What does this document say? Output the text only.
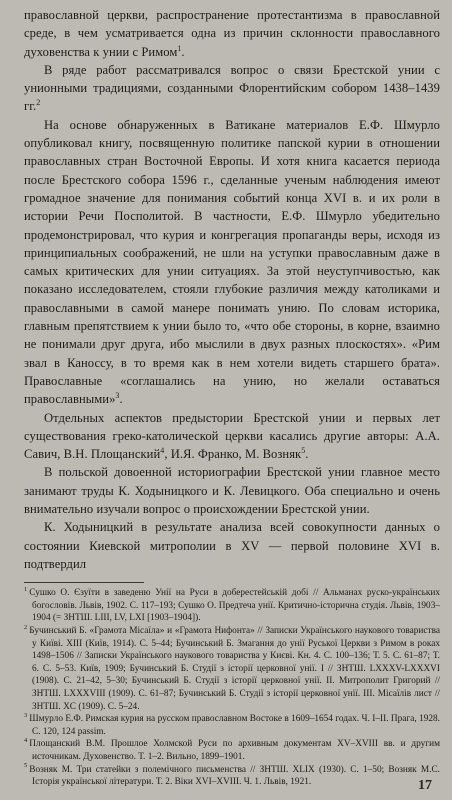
православной церкви, распространение протестантизма в православной среде, в чем усматривается одна из причин склонности православного духовенства к унии с Римом$^1$.

В ряде работ рассматривался вопрос о связи Брестской унии с унионными традициями, созданными Флорентийским собором 1438–1439 гг.$^2$

На основе обнаруженных в Ватикане материалов Е.Ф. Шмурло опубликовал книгу, посвященную политике папской курии в отношении православных стран Восточной Европы. И хотя книга касается периода после Брестского собора 1596 г., сделанные ученым наблюдения имеют громадное значение для понимания событий конца XVI в. и их роли в истории Речи Посполитой. В частности, Е.Ф. Шмурло убедительно продемонстрировал, что курия и конгрегация пропаганды веры, исходя из принципиальных соображений, не шли на уступки православным даже в самых критических для унии ситуациях. За этой неуступчивостью, как показано исследователем, стояли глубокие различия между католиками и православными в самой манере понимать унию. По словам историка, главным препятствием к унии было то, «что обе стороны, в корне, взаимно не понимали друг друга, ибо мыслили в двух разных плоскостях». «Рим звал в Каноссу, в то время как в нем хотели видеть старшего брата». Православные «соглашались на унию, но желали оставаться православными»$^3$.

Отдельных аспектов предыстории Брестской унии и первых лет существования греко-католической церкви касались другие авторы: А.А. Савич, В.Н. Площанский$^4$, И.Я. Франко, М. Возняк$^5$.

В польской довоенной историографии Брестской унии главное место занимают труды К. Ходыницкого и К. Левицкого. Оба специально и очень внимательно изучали вопрос о происхождении Брестской унии.

К. Ходыницкий в результате анализа всей совокупности данных о состоянии Киевской митрополии в XV — первой половине XVI в. подтвердил

$^1$ Сушко О. Єзуїти в заведеню Унії на Руси в доберестейській добі // Альманах руско-українських богословів. Львів, 1902. С. 117–193; Сушко О. Предтеча унії. Критично-історична студія. Львів, 1903–1904 (= ЗНТШ. LIII, LV, LXI [1903–1904]).

$^2$ Бучинський Б. «Грамота Місаїла» и «Грамота Нифонта» // Записки Українського наукового товариства у Київі. XIII (Київ, 1914). С. 5–44; Бучинський Б. Змагання до унії Руської Церкви з Римом в роках 1498–1506 // Записки Українського наукового товариства у Києві. Кн. 4. С. 100–136; Т. 5. С. 61–87; Т. 6. С. 5–53. Київ, 1909; Бучинський Б. Студії з історії церковної унії. I // ЗНТШ. LXXXV-LXXXVI (1908). С. 21–42, 5–30; Бучинський Б. Студії з історії церковної унії. II. Митрополит Григорий // ЗНТШ. LXXXVIII (1909). С. 61–87; Бучинський Б. Студії з історії церковної унії. III. Місаїлів лист // ЗНТШ. XC (1909). С. 5–24.

$^3$ Шмурло Е.Ф. Римская курия на русском православном Востоке в 1609–1654 годах. Ч. I–II. Прага, 1928. С. 120, 124 passim.

$^4$ Площанский В.М. Прошлое Холмской Руси по архивным документам XV–XVIII вв. и другим источникам. Духовенство. Т. 1–2. Вильно, 1899–1901.

$^5$ Возняк М. Три статейки з полемічного письменства // ЗНТШ. XLIX (1930). С. 1–50; Возняк М.С. Історія української літератури. Т. 2. Віки XVI–XVIII. Ч. 1. Львів, 1921.	17
